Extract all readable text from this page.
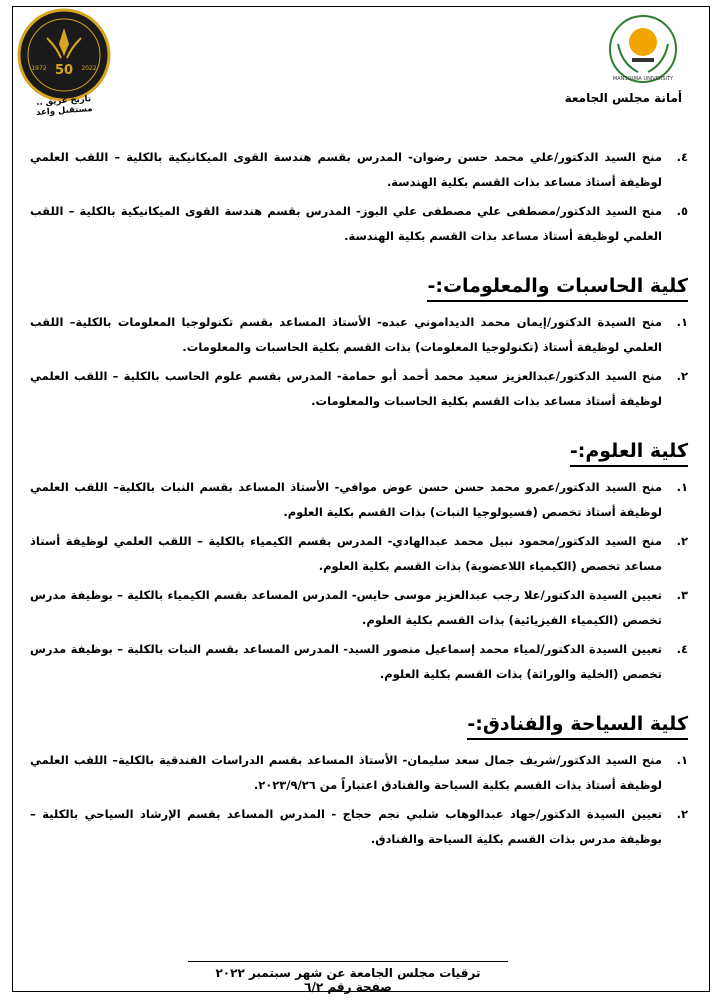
MANSOURA UNIVERSITY
أمانة مجلس الجامعة
50
1972	2022
تاريخ عريق .. مستقبل واعد
٤.
منح السيد الدكتور/علي محمد حسن رضوان- المدرس بقسم هندسة القوى الميكانيكية بالكلية – اللقب العلمي لوظيفة أستاذ مساعد بذات القسم بكلية الهندسة.
٥.
منح السيد الدكتور/مصطفى علي مصطفى علي البوز- المدرس بقسم هندسة القوى الميكانيكية بالكلية – اللقب العلمي لوظيفة أستاذ مساعد بذات القسم بكلية الهندسة.
كلية الحاسبات والمعلومات:-
١.
منح السيدة الدكتور/إيمان محمد الديداموني عبده- الأستاذ المساعد بقسم تكنولوجيا المعلومات بالكلية– اللقب العلمي لوظيفة أستاذ (تكنولوجيا المعلومات) بذات القسم بكلية الحاسبات والمعلومات.
٢.
منح السيد الدكتور/عبدالعزيز سعيد محمد أحمد أبو حمامة- المدرس بقسم علوم الحاسب بالكلية – اللقب العلمي لوظيفة أستاذ مساعد بذات القسم بكلية الحاسبات والمعلومات.
كلية العلوم:-
١.
منح السيد الدكتور/عمرو محمد حسن حسن عوض موافي- الأستاذ المساعد بقسم النبات بالكلية– اللقب العلمي لوظيفة أستاذ تخصص (فسيولوجيا النبات) بذات القسم بكلية العلوم.
٢.
منح السيد الدكتور/محمود نبيل محمد عبدالهادي- المدرس بقسم الكيمياء بالكلية – اللقب العلمي لوظيفة أستاذ مساعد تخصص (الكيمياء اللاعضوية) بذات القسم بكلية العلوم.
٣.
تعيين السيدة الدكتور/علا رجب عبدالعزيز موسى حايس- المدرس المساعد بقسم الكيمياء بالكلية – بوظيفة مدرس تخصص (الكيمياء الفيزيائية) بذات القسم بكلية العلوم.
٤.
تعيين السيدة الدكتور/لمياء محمد إسماعيل منصور السيد- المدرس المساعد بقسم النبات بالكلية – بوظيفة مدرس تخصص (الخلية والوراثة) بذات القسم بكلية العلوم.
كلية السياحة والفنادق:-
١.
منح السيد الدكتور/شريف جمال سعد سليمان- الأستاذ المساعد بقسم الدراسات الفندقية بالكلية– اللقب العلمي لوظيفة أستاذ بذات القسم بكلية السياحة والفنادق اعتباراً من ٢٠٢٣/٩/٢٦.
٢.
تعيين السيدة الدكتور/جهاد عبدالوهاب شلبي نجم حجاج - المدرس المساعد بقسم الإرشاد السياحي بالكلية – بوظيفة مدرس بذات القسم بكلية السياحة والفنادق.
ترقيات مجلس الجامعة عن شهر سبتمبر ٢٠٢٢ صفحة رقم ٦/٢
